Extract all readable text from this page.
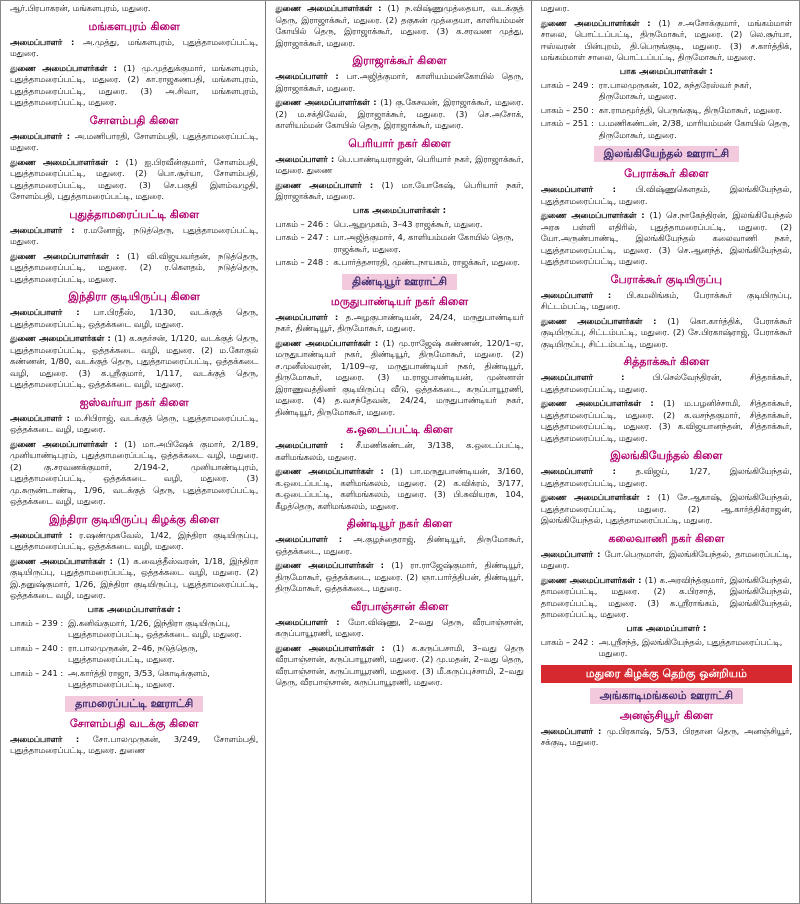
ஆர்.பிரபாகரன், மங்களபுரம், மதுரை.

மங்களபுரம் கிளை

அமைப்பாளர் : அ.முத்து, மங்களபுரம், புதுத்தாமரைப்பட்டி, மதுரை.

துணை அமைப்பாளர்கள் : (1) மு.முத்துக்குமார், மங்களபுரம், புதுத்தாமரைப்பட்டி, மதுரை. (2) கா.ராஜகணபதி, மங்களபுரம், புதுத்தாமரைப்பட்டி, மதுரை. (3) அ.சிவா, மங்களபுரம், புதுத்தாமரைப்பட்டி, மதுரை.

சோளம்பதி கிளை

அமைப்பாளர் : அ.மணிபாரதி, சோளம்பதி, புதுத்தாமரைப்பட்டி, மதுரை.

துணை அமைப்பாளர்கள் : (1) ஐ.பிரவீன்குமார், சோளம்பதி, புதுத்தாமரைப்பட்டி, மதுரை. (2) பொ.சூர்யா, சோளம்பதி, புதுத்தாமரைப்பட்டி, மதுரை. (3) செ.பகுதி இளம்வழுதி, சோளம்பதி, புதுத்தாமரைப்பட்டி, மதுரை.

புதுத்தாமரைப்பட்டி கிளை

அமைப்பாளர் : ர.மனோஜ், நடுத்தெரு, புதுத்தாமரைப்பட்டி, மதுரை.

துணை அமைப்பாளர்கள் : (1) வி.விஜயவர்தன், நடுத்தெரு, புதுத்தாமரைப்பட்டி, மதுரை. (2) ர.கௌதம், நடுத்தெரு, புதுத்தாமரைப்பட்டி, மதுரை.

இந்திரா குடியிருப்பு கிளை

அமைப்பாளர் : பா.பிரதீஸ், 1/130, வடக்குத் தெரு, புதுத்தாமரைப்பட்டி, ஒத்தக்கடை வழி, மதுரை.

துணை அமைப்பாளர்கள் : (1) க.சுதர்சன், 1/120, வடக்குத் தெரு, புதுத்தாமரைப்பட்டி, ஒத்தக்கடை வழி, மதுரை. (2) ம.கோகுல் கண்ணன், 1/80, வடக்குத் தெரு, புதுத்தாமரைப்பட்டி, ஒத்தக்கடை வழி, மதுரை. (3) க.ஸ்ரீகுமார், 1/117, வடக்குத் தெரு, புதுத்தாமரைப்பட்டி, ஒத்தக்கடை வழி, மதுரை.

ஐஸ்வர்யா நகர் கிளை

அமைப்பாளர் : ம.சிபிராஜ், வடக்குத் தெரு, புதுத்தாமரைப்பட்டி, ஒத்தக்கடை வழி, மதுரை.

துணை அமைப்பாளர்கள் : (1) மா.அபிஷேக் குமார், 2/189, முனியாண்டிபுரம், புதுத்தாமரைப்பட்டி, ஒத்தக்கடை வழி, மதுரை. (2) கு.சரவணக்குமார், 2/194-2, முனியாண்டிபுரம், புதுத்தாமரைப்பட்டி, ஒத்தக்கடை வழி, மதுரை. (3) மு.சுருண்டாண்டி, 1/96, வடக்குத் தெரு, புதுத்தாமரைப்பட்டி, ஒத்தக்கடை வழி, மதுரை.

இந்திரா குடியிருப்பு கிழக்கு கிளை

அமைப்பாளர் : ர.ஷண்முகவேல், 1/42, இந்திரா குடியிருப்பு, புதுத்தாமரைப்பட்டி, ஒத்தக்கடை வழி, மதுரை.

துணை அமைப்பாளர்கள் : (1) க.வைத்தீஸ்வரன், 1/18, இந்திரா குடியிருப்பு, புதுத்தாமரைப்பட்டி, ஒத்தக்கடை வழி, மதுரை. (2) இ.தனுஷ்குமார், 1/26, இந்திரா குடியிருப்பு, புதுத்தாமரைப்பட்டி, ஒத்தக்கடை வழி, மதுரை.

பாக அமைப்பாளர்கள் :
பாகம் – 239 : இ.கனிவ்குமார், 1/26, இந்திரா குடியிருப்பு, புதுத்தாமரைப்பட்டி, ஒத்தக்கடை வழி, மதுரை.
பாகம் – 240 : ரா.பாலமுருகன், 2–46, நடுத்தெரு, புதுத்தாமரைப்பட்டி, மதுரை.
பாகம் – 241 : அ.கார்த்தி ராஜா, 3/53, கொடிக்குளம், புதுத்தாமரைப்பட்டி, மதுரை.
தாமரைப்பட்டி ஊராட்சி
சோளம்பதி வடக்கு கிளை

அமைப்பாளர் : சோ.பாலமுருகன், 3/249, சோளம்பதி, புதுத்தாமரைப்பட்டி, மதுரை. துணை

துணை அமைப்பாளர்கள் : (1) ந.விஷ்ணுமுத்தையா, வடக்குத் தெரு, இராஜாக்கூர், மதுரை. (2) தகுகன் முத்தையா, காளியம்மன் கோயில் தெரு, இராஜாக்கூர், மதுரை. (3) க.சரவண முத்து, இராஜாக்கூர், மதுரை.

இராஜாக்கூர் கிளை

அமைப்பாளர் : பா.அஜித்குமார், காளியம்மன்கோயில் தெரு, இராஜாக்கூர், மதுரை.

துணை அமைப்பாளர்கள் : (1) கு.கேசவன், இராஜாக்கூர், மதுரை. (2) ம.சக்திவேல், இராஜாக்கூர், மதுரை. (3) செ.அசோக், காளியம்மன் கோயில் தெரு, இராஜாக்கூர், மதுரை.

பெரியார் நகர் கிளை

அமைப்பாளர் : பெ.பாண்டியராஜன், பெரியார் நகர், இராஜாக்கூர், மதுரை. துணை

துணை அமைப்பாளர் : (1) மா.யோகேஷ், பெரியார் நகர், இராஜாக்கூர், மதுரை.

பாக அமைப்பாளர்கள் :
பாகம் – 246 : பெ.ஆறுமுகம், 3–43 ராஜக்கூர், மதுரை.
பாகம் – 247 : பா.அஜித்குமார், 4, காளியம்மன் கோயில் தெரு, ராஜக்கூர், மதுரை.
பாகம் – 248 : க.பார்த்தசாரதி, முண்டநாயகம், ராஜக்கூர், மதுரை.
திண்டியூர் ஊராட்சி
மருதுபாண்டியர் நகர் கிளை

அமைப்பாளர் : த.அழகுபாண்டியன், 24/24, மருதுபாண்டியர் நகர், திண்டியூர், திருமோகூர், மதுரை.

துணை அமைப்பாளர்கள் : (1) மு.ராஜேஷ் கண்ணன், 120/1–ஏ, மருதுபாண்டியர் நகர், திண்டியூர், திருமோகூர், மதுரை. (2) ச.முனீஸ்வரன், 1/109–ஏ, மருதுபாண்டியர் நகர், திண்டியூர், திருமோகூர், மதுரை. (3) ம.ராஜபாண்டியன், முன்னாள் இராணுவத்தினர் குடியிருப்பு வீடு, ஒத்தக்கடை, கருப்பாயூரணி, மதுரை. (4) த.வசந்தேவன், 24/24, மருதுபாண்டியர் நகர், திண்டியூர், திருமோகூர், மதுரை.

க.ஒடைப்பட்டி கிளை

அமைப்பாளர் : சீ.மணிகண்டன், 3/138, க.ஒடைப்பட்டி, களிமங்கலம், மதுரை.

துணை அமைப்பாளர்கள் : (1) பா.மருதுபாண்டியன், 3/160, க.ஒடைப்பட்டி, களிமங்கலம், மதுரை. (2) க.விக்ரம், 3/177, க.ஒடைப்பட்டி, களிமங்கலம், மதுரை. (3) பி.சுவியரசு, 104, கீழத்தெரு, களிமங்கலம், மதுரை.

திண்டியூர் நகர் கிளை

அமைப்பாளர் : அ.குழந்தைராஜ், திண்டியூர், திருமோகூர், ஒத்தக்கடை, மதுரை.

துணை அமைப்பாளர்கள் : (1) ரா.ராஜேஷ்குமார், திண்டியூர், திருமோகூர், ஒத்தக்கடை, மதுரை. (2) ஞா.பார்த்திபன், திண்டியூர், திருமோகூர், ஒத்தக்கடை, மதுரை.

வீரபாஞ்சான் கிளை

அமைப்பாளர் : மோ.விஷ்ணு, 2–வது தெரு, வீரபாஞ்சான், கருப்பாயூரணி, மதுரை.

துணை அமைப்பாளர்கள் : (1) க.கருப்பசாமி, 3–வது தெரு வீரபாஞ்சான், கருப்பாயூரணி, மதுரை. (2) மு.மதன், 2–வது தெரு, வீரபாஞ்சான், கருப்பாயூரணி, மதுரை. (3) மீ.கருப்புச்சாமி, 2–வது தெரு, வீரபாஞ்சான், கருப்பாயூரணி, மதுரை.

மதுரை.

துணை அமைப்பாளர்கள் : (1) ச.அசோக்குமார், மங்கம்மாள் சாலை, பொட்டப்பட்டி, திருமோகூர், மதுரை. (2) லெ.சூர்யா, ஈஸ்வரன் பின்புறம், தி.பெருங்குடி, மதுரை. (3) ச.கார்த்திக், மங்கம்மாள் சாலை, பொட்டப்பட்டி, திருமோகூர், மதுரை.

பாக அமைப்பாளர்கள் :
பாகம் – 249 : ரா.பாலமுருகன், 102, சுந்தரேஸ்வர் நகர், திருமோகூர், மதுரை.
பாகம் – 250 : கா.ராமமூர்த்தி, பெருங்குடி, திருமோகூர், மதுரை.
பாகம் – 251 : ப.மணிகண்டன், 2/38, மாரியம்மன் கோயில் தெரு, திருமோகூர், மதுரை.
இலங்கியேந்தல் ஊராட்சி
பேராக்கூர் கிளை

அமைப்பாளர் : பி.விஷ்ணுகௌதம், இலங்கியேந்தல், புதுத்தாமரைப்பட்டி, மதுரை.

துணை அமைப்பாளர்கள் : (1) செ.நாகேந்திரன், இலங்கியேந்தல் அரசு பள்ளி எதிரில், புதுத்தாமரைப்பட்டி, மதுரை. (2) யோ.அருண்பாண்டி, இலங்கியேந்தல் கலைவாணி நகர், புதுத்தாமரைப்பட்டி, மதுரை. (3) செ.ஆனந்த், இலங்கியேந்தல், புதுத்தாமரைப்பட்டி, மதுரை.

பேராக்கூர் குடியிருப்பு

அமைப்பாளர் : பி.கமலிங்கம், பேராக்கூர் குடியிருப்பு, சிட்டம்பட்டி, மதுரை.

துணை அமைப்பாளர்கள் : (1) கொ.கார்த்திக், பேராக்கூர் குடியிருப்பு, சிட்டம்பட்டி, மதுரை. (2) சே.பிரகாஷ்ராஜ், பேராக்கூர் குடியிருப்பு, சிட்டம்பட்டி, மதுரை.

சித்தாக்கூர் கிளை

அமைப்பாளர் : பி.செல்வேந்திரன், சித்தாக்கூர், புதுத்தாமரைப்பட்டி, மதுரை.

துணை அமைப்பாளர்கள் : (1) ம.பழனிச்சாமி, சித்தாக்கூர், புதுத்தாமரைப்பட்டி, மதுரை. (2) க.வசந்தகுமார், சித்தாக்கூர், புதுத்தாமரைப்பட்டி, மதுரை. (3) க.விஜயானந்தன், சித்தாக்கூர், புதுத்தாமரைப்பட்டி, மதுரை.

இலங்கியேந்தல் கிளை

அமைப்பாளர் : த.விஜய், 1/27, இலங்கியேந்தல், புதுத்தாமரைப்பட்டி, மதுரை.

துணை அமைப்பாளர்கள் : (1) சே.ஆகாஷ், இலங்கியேந்தல், புதுத்தாமரைப்பட்டி, மதுரை. (2) ஆ.கார்த்திக்ராஜன், இலங்கியேந்தல், புதுத்தாமரைப்பட்டி, மதுரை.

கலைவாணி நகர் கிளை

அமைப்பாளர் : போ.பெருமாள், இலங்கியேந்தல், தாமரைப்பட்டி, மதுரை.

துணை அமைப்பாளர்கள் : (1) க.அரவிந்த்குமார், இலங்கியேந்தல், தாமரைப்பட்டி, மதுரை. (2) க.பிரசாத், இலங்கியேந்தல், தாமரைப்பட்டி, மதுரை. (3) க.ஸ்ரீராங்கம், இலங்கியேந்தல், தாமரைப்பட்டி, மதுரை.

பாக அமைப்பாளர் :
பாகம் – 242 : அ.ஸ்ரீசந்த், இலங்கியேந்தல், புதுத்தாமரைப்பட்டி, மதுரை.
மதுரை கிழக்கு தெற்கு ஒன்றியம்
அங்காடிமங்கலம் ஊராட்சி
அனஞ்சியூர் கிளை

அமைப்பாளர் : மு.பிரகாஷ், 5/53, பிரதான தெரு, அனஞ்சியூர், சக்குடி, மதுரை.
